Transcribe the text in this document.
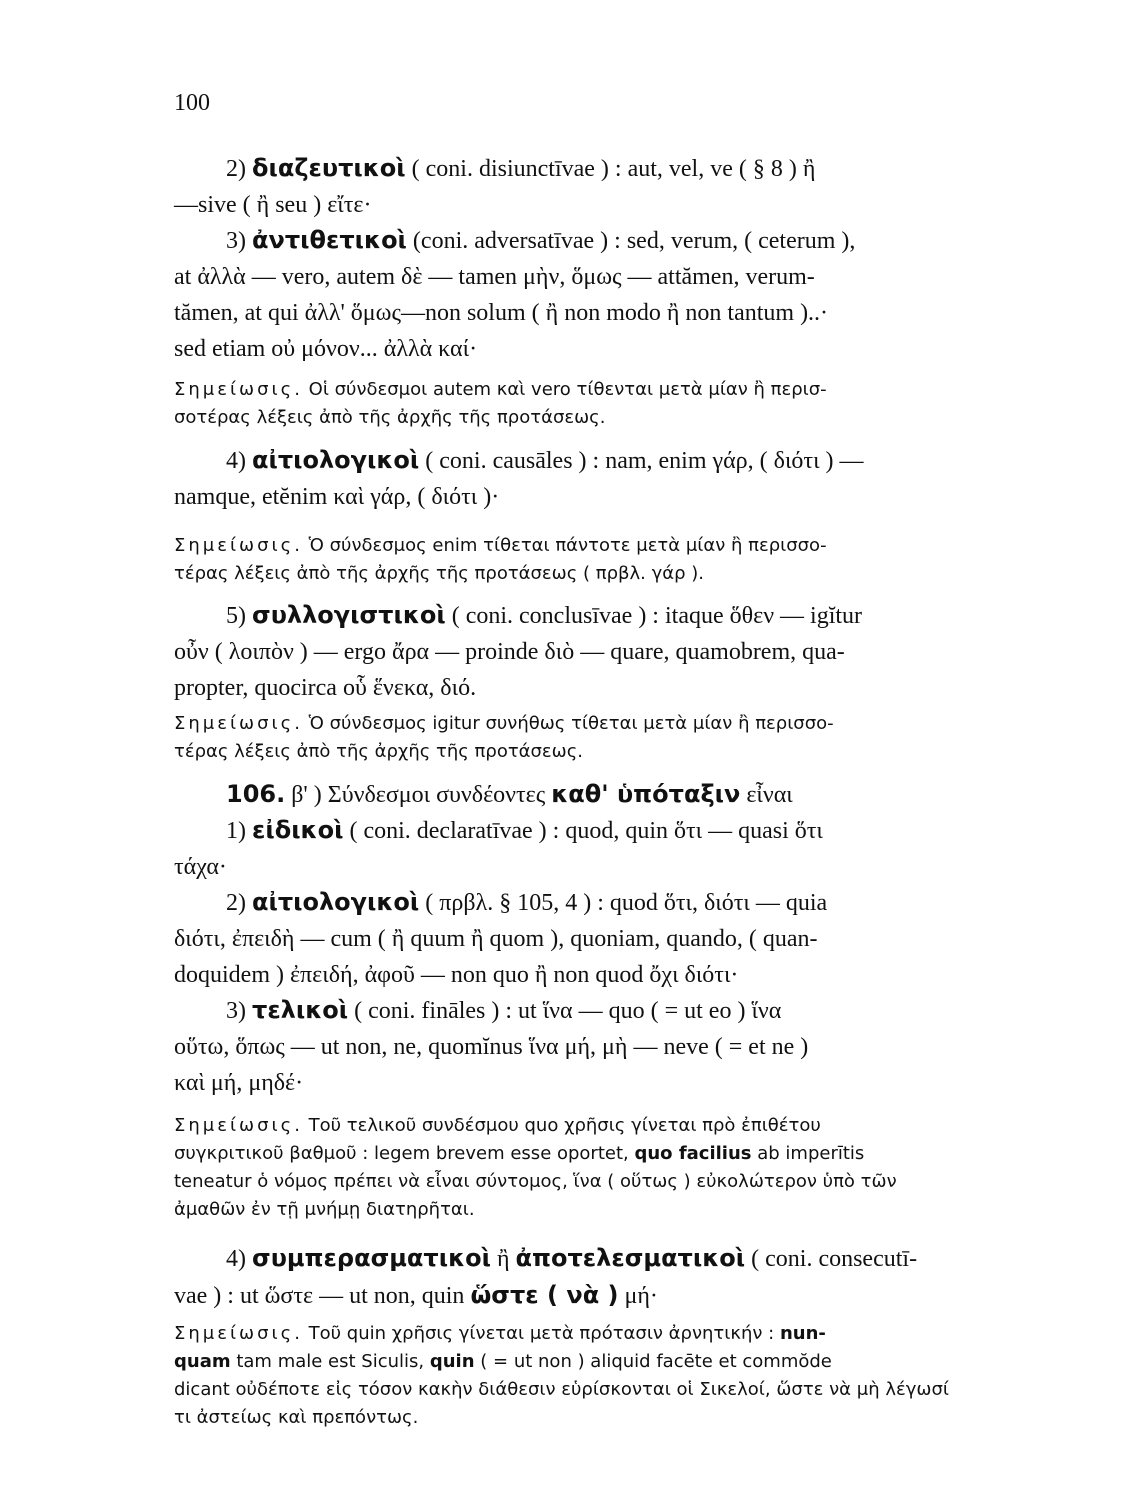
100
2) διαζευτικοὶ ( coni. disiunctīvae ) : aut, vel, ve ( § 8 ) ἢ
—sive ( ἢ seu ) εἴτε·
3) ἀντιθετικοὶ (coni. adversatīvae ) : sed, verum, ( ceterum ),
at ἀλλὰ — vero, autem δὲ — tamen μὴν, ὅμως — attămen, verum-
tămen, at qui ἀλλ' ὅμως—non solum ( ἢ non modo ἢ non tantum )..·
sed etiam οὐ μόνον... ἀλλὰ καί·
Σημείωσις. Οἱ σύνδεσμοι autem καὶ vero τίθενται μετὰ μίαν ἢ περισ-
σοτέρας λέξεις ἀπὸ τῆς ἀρχῆς τῆς προτάσεως.
4) αἰτιολογικοὶ ( coni. causāles ) : nam, enim γάρ, ( διότι ) —
namque, etĕnim καὶ γάρ, ( διότι )·
Σημείωσις. Ὁ σύνδεσμος enim τίθεται πάντοτε μετὰ μίαν ἢ περισσο-
τέρας λέξεις ἀπὸ τῆς ἀρχῆς τῆς προτάσεως ( πρβλ. γάρ ).
5) συλλογιστικοὶ ( coni. conclusīvae ) : itaque ὅθεν — igĭtur
οὖν ( λοιπὸν ) — ergo ἄρα — proinde διὸ — quare, quamobrem, qua-
propter, quocirca οὗ ἕνεκα, διό.
Σημείωσις. Ὁ σύνδεσμος igitur συνήθως τίθεται μετὰ μίαν ἢ περισσο-
τέρας λέξεις ἀπὸ τῆς ἀρχῆς τῆς προτάσεως.
106. β' ) Σύνδεσμοι συνδέοντες καθ' ὑπόταξιν εἶναι
1) εἰδικοὶ ( coni. declaratīvae ) : quod, quin ὅτι — quasi ὅτι
τάχα·
2) αἰτιολογικοὶ ( πρβλ. § 105, 4 ) : quod ὅτι, διότι — quia
διότι, ἐπειδὴ — cum ( ἢ quum ἢ quom ), quoniam, quando, ( quan-
doquidem ) ἐπειδή, ἀφοῦ — non quo ἢ non quod ὄχι διότι·
3) τελικοὶ ( coni. fināles ) : ut ἵνα — quo ( = ut eo ) ἵνα
οὕτω, ὅπως — ut non, ne, quomĭnus ἵνα μή, μὴ — neve ( = et ne )
καὶ μή, μηδέ·
Σημείωσις. Τοῦ τελικοῦ συνδέσμου quo χρῆσις γίνεται πρὸ ἐπιθέτου
συγκριτικοῦ βαθμοῦ : legem brevem esse oportet, quo facilius ab imperītis
teneatur ὁ νόμος πρέπει νὰ εἶναι σύντομος, ἵνα ( οὕτως ) εὐκολώτερον ὑπὸ τῶν
ἀμαθῶν ἐν τῇ μνήμῃ διατηρῆται.
4) συμπερασματικοὶ ἢ ἀποτελεσματικοὶ ( coni. consecutī-
vae ) : ut ὥστε — ut non, quin ὥστε ( νὰ ) μή·
Σημείωσις. Τοῦ quin χρῆσις γίνεται μετὰ πρότασιν ἀρνητικήν : nun-
quam tam male est Siculis, quin ( = ut non ) aliquid facēte et commŏde
dicant οὐδέποτε εἰς τόσον κακὴν διάθεσιν εὑρίσκονται οἱ Σικελοί, ὥστε νὰ μὴ λέγωσί
τι ἀστείως καὶ πρεπόντως.
